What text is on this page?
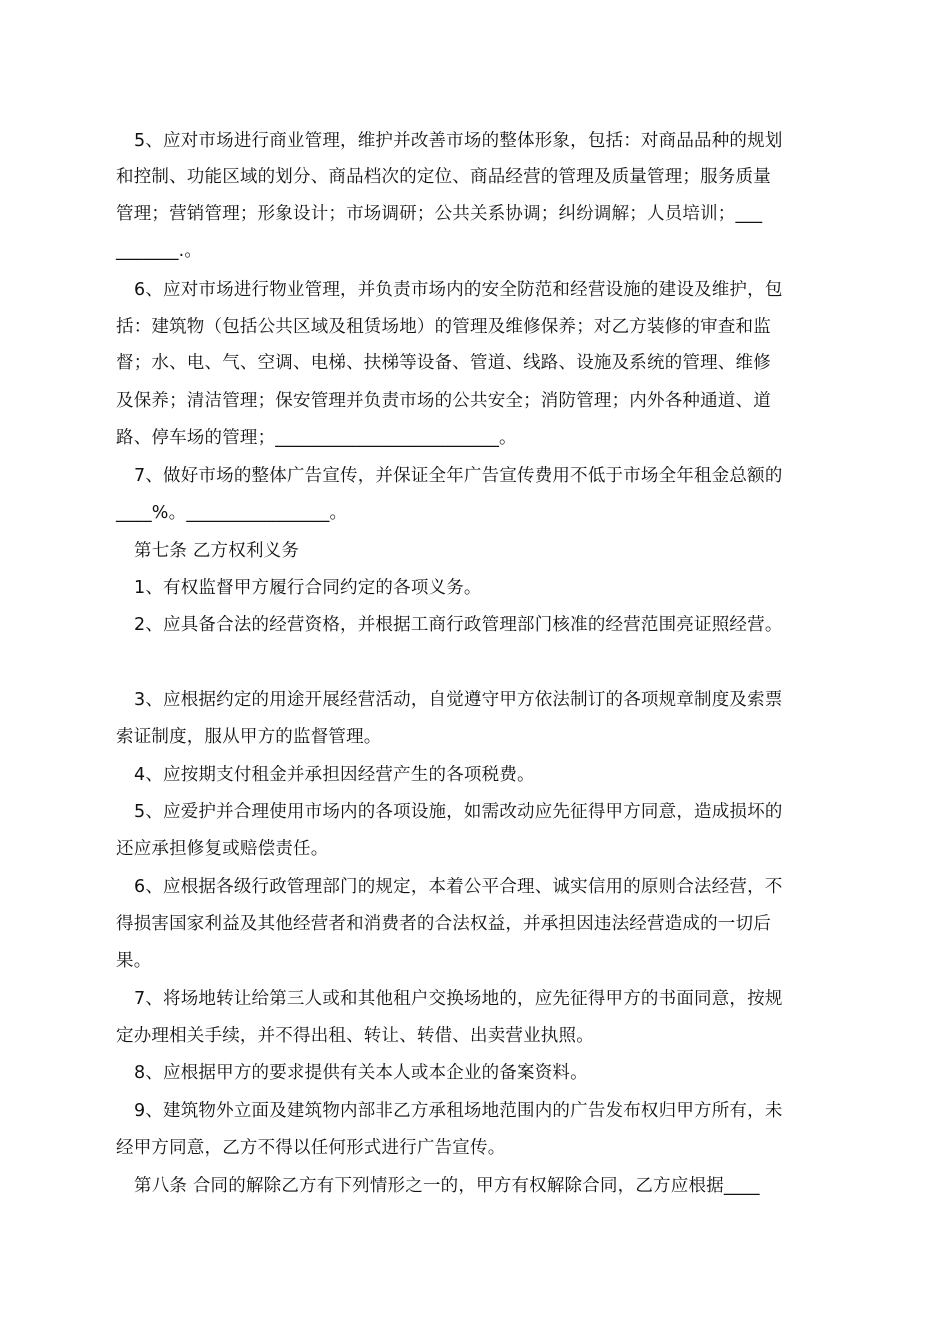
5、应对市场进行商业管理，维护并改善市场的整体形象，包括：对商品品种的规划
和控制、功能区域的划分、商品档次的定位、商品经营的管理及质量管理；服务质量
管理；营销管理；形象设计；市场调研；公共关系协调；纠纷调解；人员培训；___
_______.。
6、应对市场进行物业管理，并负责市场内的安全防范和经营设施的建设及维护，包
括：建筑物（包括公共区域及租赁场地）的管理及维修保养；对乙方装修的审查和监
督；水、电、气、空调、电梯、扶梯等设备、管道、线路、设施及系统的管理、维修
及保养；清洁管理；保安管理并负责市场的公共安全；消防管理；内外各种通道、道
路、停车场的管理；_________________________。
7、做好市场的整体广告宣传，并保证全年广告宣传费用不低于市场全年租金总额的
____%。________________。
第七条 乙方权利义务
1、有权监督甲方履行合同约定的各项义务。
2、应具备合法的经营资格，并根据工商行政管理部门核准的经营范围亮证照经营。
3、应根据约定的用途开展经营活动，自觉遵守甲方依法制订的各项规章制度及索票
索证制度，服从甲方的监督管理。
4、应按期支付租金并承担因经营产生的各项税费。
5、应爱护并合理使用市场内的各项设施，如需改动应先征得甲方同意，造成损坏的
还应承担修复或赔偿责任。
6、应根据各级行政管理部门的规定，本着公平合理、诚实信用的原则合法经营，不
得损害国家利益及其他经营者和消费者的合法权益，并承担因违法经营造成的一切后
果。
7、将场地转让给第三人或和其他租户交换场地的，应先征得甲方的书面同意，按规
定办理相关手续，并不得出租、转让、转借、出卖营业执照。
8、应根据甲方的要求提供有关本人或本企业的备案资料。
9、建筑物外立面及建筑物内部非乙方承租场地范围内的广告发布权归甲方所有，未
经甲方同意，乙方不得以任何形式进行广告宣传。
第八条 合同的解除乙方有下列情形之一的，甲方有权解除合同，乙方应根据____
